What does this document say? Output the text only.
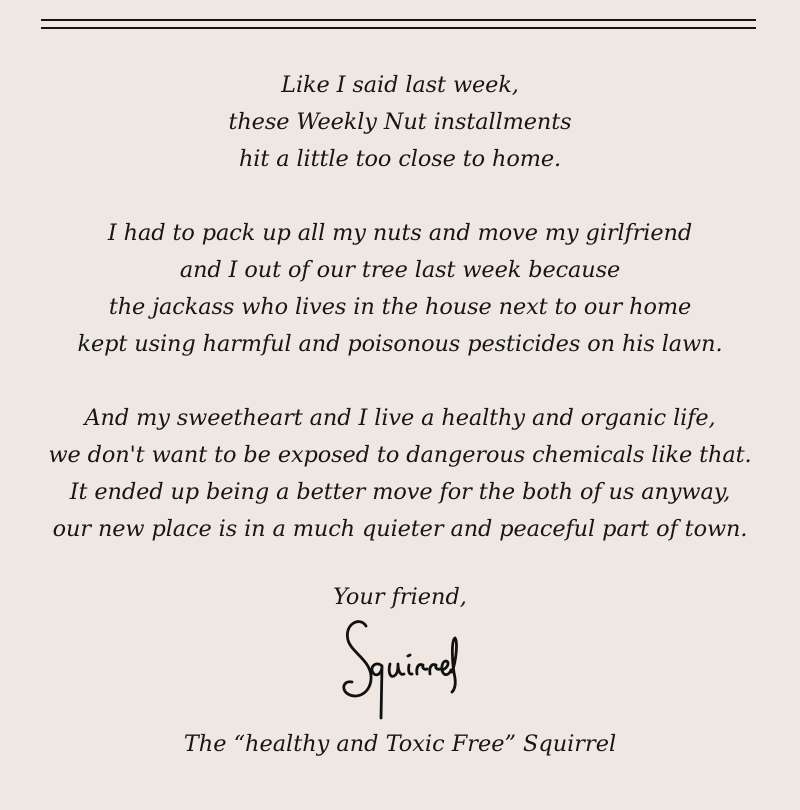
Like I said last week,

these Weekly Nut installments

hit a little too close to home.

I had to pack up all my nuts and move my girlfriend

and I out of our tree last week because

the jackass who lives in the house next to our home

kept using harmful and poisonous pesticides on his lawn.

And my sweetheart and I live a healthy and organic life,

we don't want to be exposed to dangerous chemicals like that.

It ended up being a better move for the both of us anyway,

our new place is in a much quieter and peaceful part of town.

Your friend,
The “healthy and Toxic Free” Squirrel
